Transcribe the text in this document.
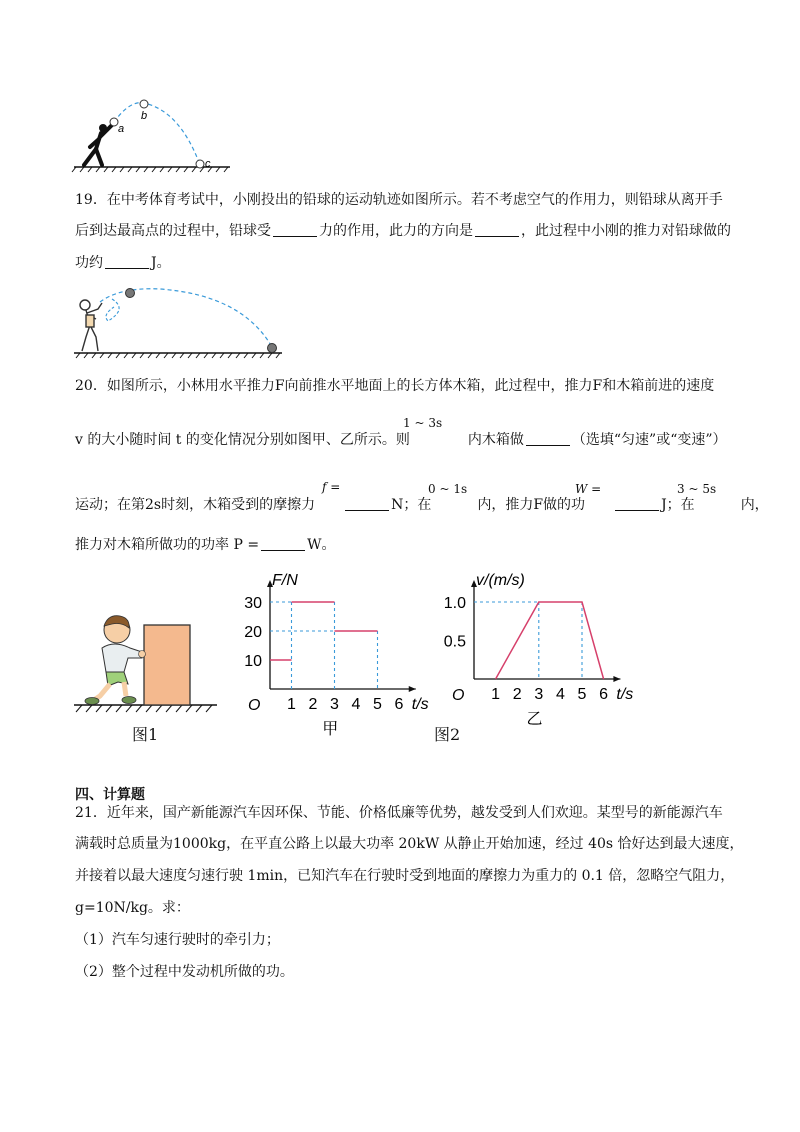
a
b
c
19．在中考体育考试中，小刚投出的铅球的运动轨迹如图所示。若不考虑空气的作用力，则铅球从离开手
后到达最高点的过程中，铅球受	力的作用，此力的方向是	，此过程中小刚的推力对铅球做的
功约	J。
20．如图所示，小林用水平推力F向前推水平地面上的长方体木箱，此过程中，推力F和木箱前进的速度
1 ~ 3s
v 的大小随时间 t 的变化情况分别如图甲、乙所示。则	内木箱做	（选填“匀速”或“变速”）
f =	0 ~ 1s	W =	3 ~ 5s
运动；在第2s时刻，木箱受到的摩擦力	N；在	内，推力F做的功	J；在	内，
推力对木箱所做功的功率 P =	W。
图1
F/N
t/s
O 1 2 3 4 5 6
10
20
30
甲
v/(m/s)
t/s
O 1 2 3 4 5 6
0.5
1.0
乙
图2
四、计算题
21．近年来，国产新能源汽车因环保、节能、价格低廉等优势，越发受到人们欢迎。某型号的新能源汽车
满载时总质量为1000kg，在平直公路上以最大功率 20kW 从静止开始加速，经过 40s 恰好达到最大速度，
并接着以最大速度匀速行驶 1min，已知汽车在行驶时受到地面的摩擦力为重力的 0.1 倍，忽略空气阻力，
g=10N/kg。求：
（1）汽车匀速行驶时的牵引力；
（2）整个过程中发动机所做的功。
